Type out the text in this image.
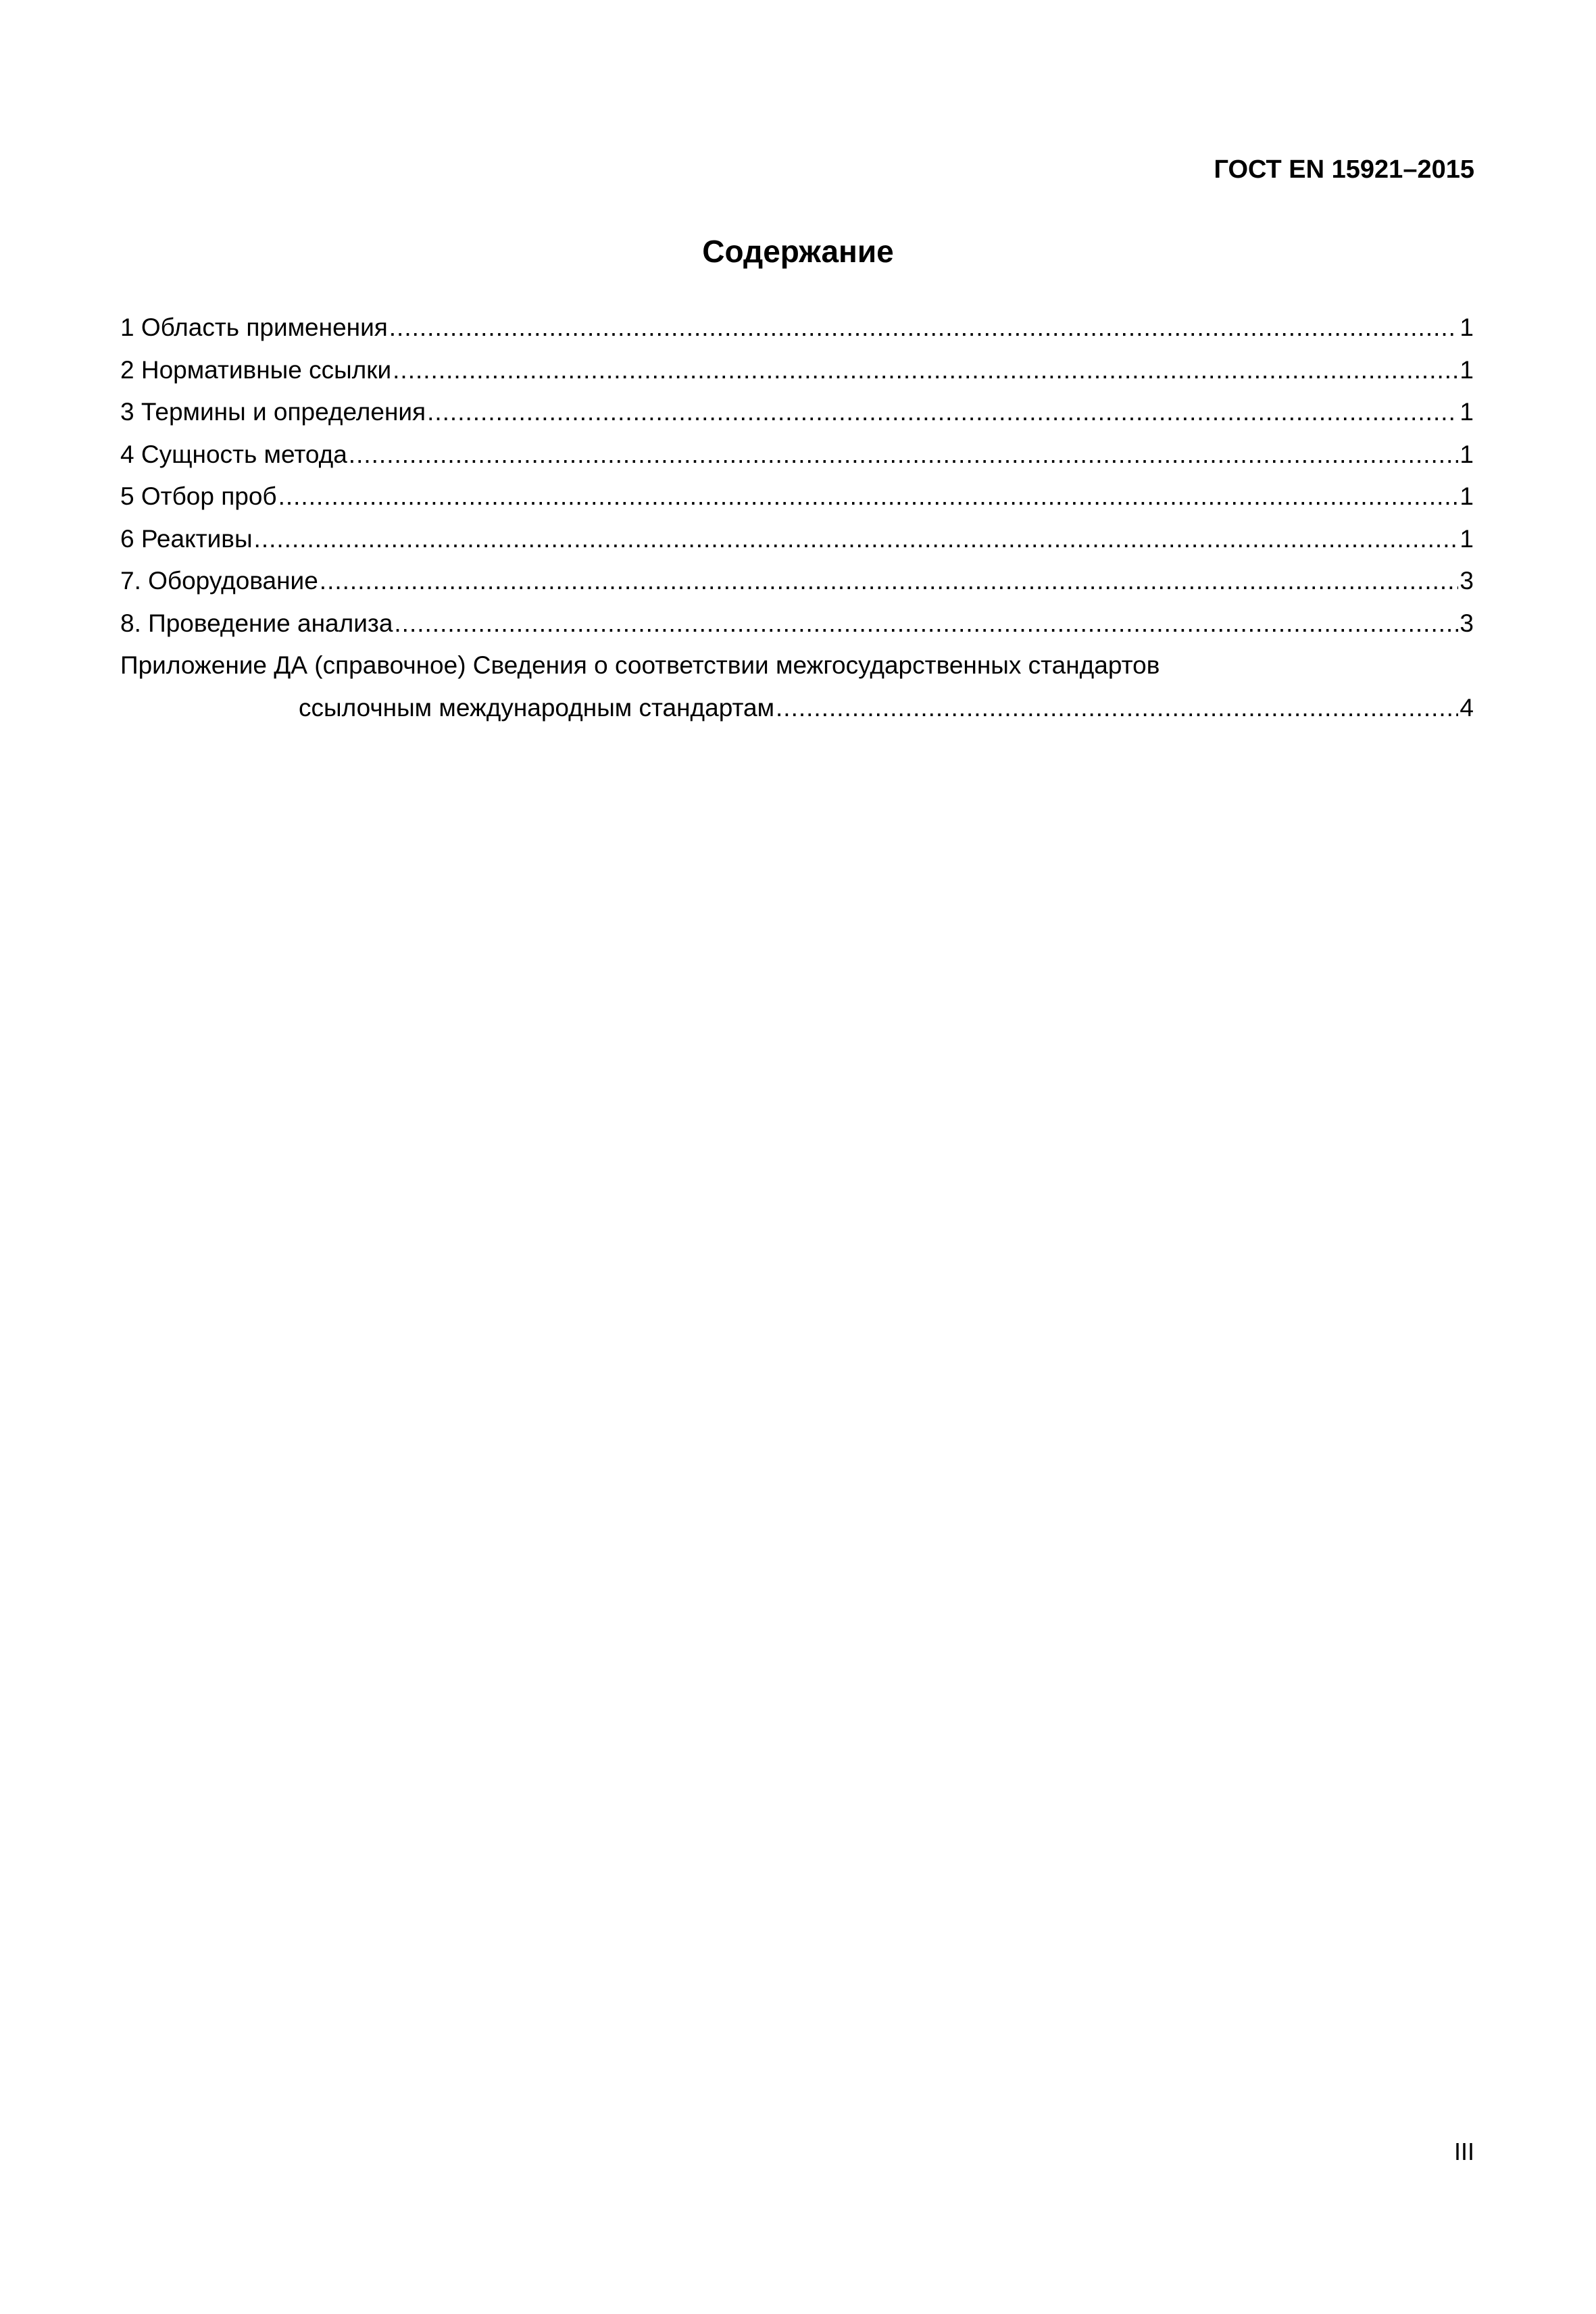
ГОСТ EN 15921–2015
Содержание
1 Область применения .....	1
2 Нормативные ссылки .....	1
3 Термины и определения .....	1
4 Сущность метода .....	1
5 Отбор проб .....	1
6 Реактивы .....	1
7. Оборудование .....	3
8. Проведение анализа .....	3
Приложение ДА (справочное) Сведения о соответствии межгосударственных стандартов
ссылочным международным стандартам .....	4
III
